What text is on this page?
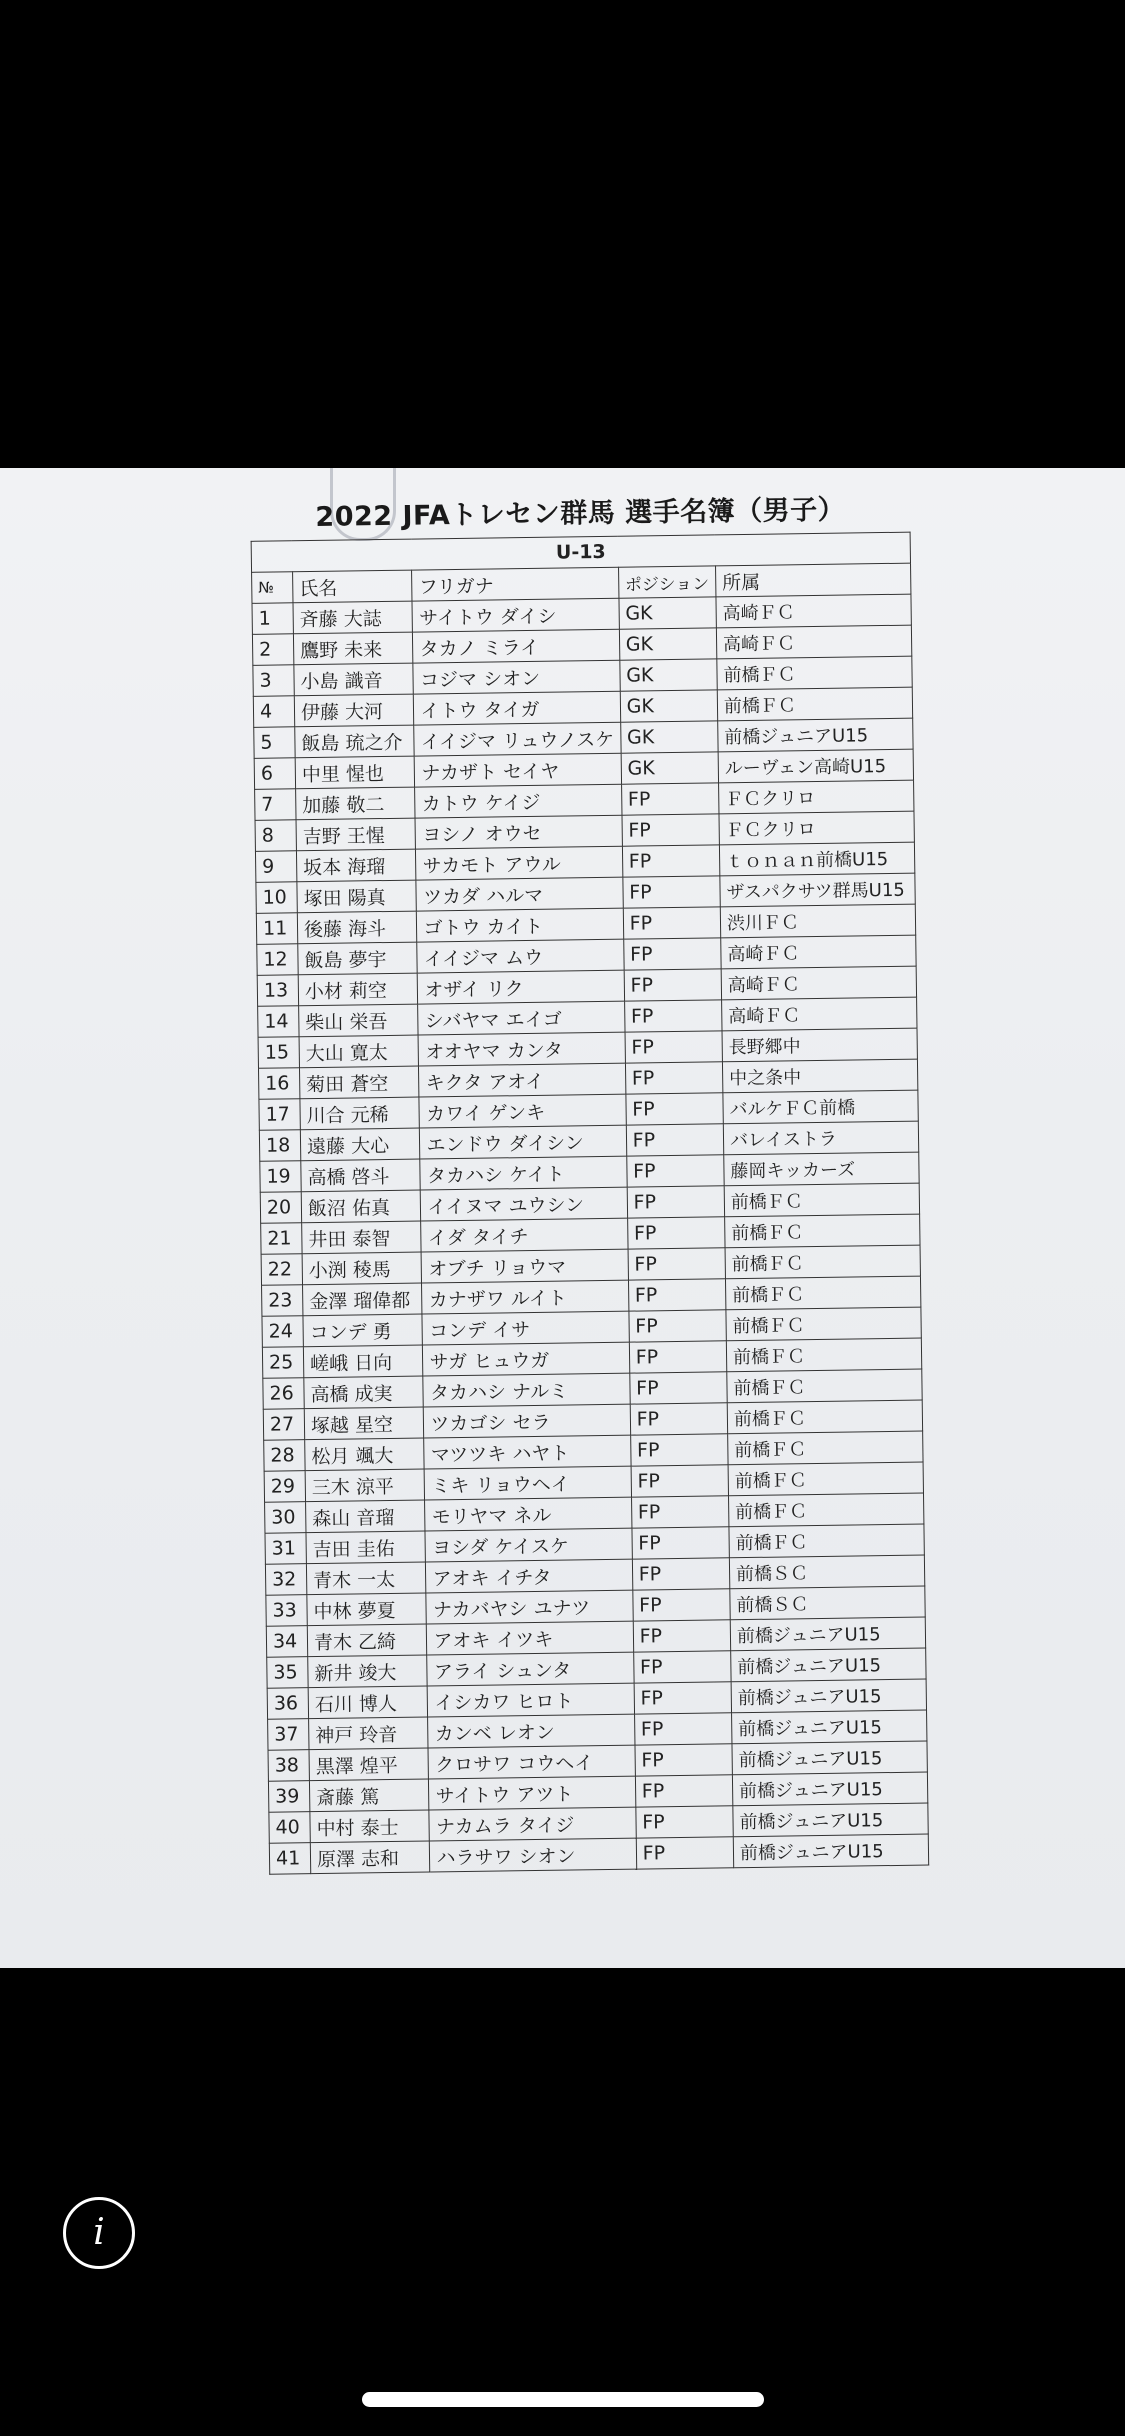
2022 JFAトレセン群馬 選手名簿（男子）
U-13				
№	氏名	フリガナ	ポジション	所属
1	斉藤 大誌	サイトウ ダイシ	GK	高崎ＦＣ
2	鷹野 未来	タカノ ミライ	GK	高崎ＦＣ
3	小島 識音	コジマ シオン	GK	前橋ＦＣ
4	伊藤 大河	イトウ タイガ	GK	前橋ＦＣ
5	飯島 琉之介	イイジマ リュウノスケ	GK	前橋ジュニアU15
6	中里 惺也	ナカザト セイヤ	GK	ルーヴェン高崎U15
7	加藤 敬二	カトウ ケイジ	FP	ＦＣクリロ
8	吉野 王惺	ヨシノ オウセ	FP	ＦＣクリロ
9	坂本 海瑠	サカモト アウル	FP	ｔｏｎａｎ前橋U15
10	塚田 陽真	ツカダ ハルマ	FP	ザスパクサツ群馬U15
11	後藤 海斗	ゴトウ カイト	FP	渋川ＦＣ
12	飯島 夢宇	イイジマ ムウ	FP	高崎ＦＣ
13	小材 莉空	オザイ リク	FP	高崎ＦＣ
14	柴山 栄吾	シバヤマ エイゴ	FP	高崎ＦＣ
15	大山 寛太	オオヤマ カンタ	FP	長野郷中
16	菊田 蒼空	キクタ アオイ	FP	中之条中
17	川合 元稀	カワイ ゲンキ	FP	バルケＦＣ前橋
18	遠藤 大心	エンドウ ダイシン	FP	バレイストラ
19	高橋 啓斗	タカハシ ケイト	FP	藤岡キッカーズ
20	飯沼 佑真	イイヌマ ユウシン	FP	前橋ＦＣ
21	井田 泰智	イダ タイチ	FP	前橋ＦＣ
22	小渕 稜馬	オブチ リョウマ	FP	前橋ＦＣ
23	金澤 瑠偉都	カナザワ ルイト	FP	前橋ＦＣ
24	コンデ 勇	コンデ イサ	FP	前橋ＦＣ
25	嵯峨 日向	サガ ヒュウガ	FP	前橋ＦＣ
26	高橋 成実	タカハシ ナルミ	FP	前橋ＦＣ
27	塚越 星空	ツカゴシ セラ	FP	前橋ＦＣ
28	松月 颯大	マツツキ ハヤト	FP	前橋ＦＣ
29	三木 涼平	ミキ リョウヘイ	FP	前橋ＦＣ
30	森山 音瑠	モリヤマ ネル	FP	前橋ＦＣ
31	吉田 圭佑	ヨシダ ケイスケ	FP	前橋ＦＣ
32	青木 一太	アオキ イチタ	FP	前橋ＳＣ
33	中林 夢夏	ナカバヤシ ユナツ	FP	前橋ＳＣ
34	青木 乙綺	アオキ イツキ	FP	前橋ジュニアU15
35	新井 竣大	アライ シュンタ	FP	前橋ジュニアU15
36	石川 博人	イシカワ ヒロト	FP	前橋ジュニアU15
37	神戸 玲音	カンベ レオン	FP	前橋ジュニアU15
38	黒澤 煌平	クロサワ コウヘイ	FP	前橋ジュニアU15
39	斎藤 篤	サイトウ アツト	FP	前橋ジュニアU15
40	中村 泰士	ナカムラ タイジ	FP	前橋ジュニアU15
41	原澤 志和	ハラサワ シオン	FP	前橋ジュニアU15
i
